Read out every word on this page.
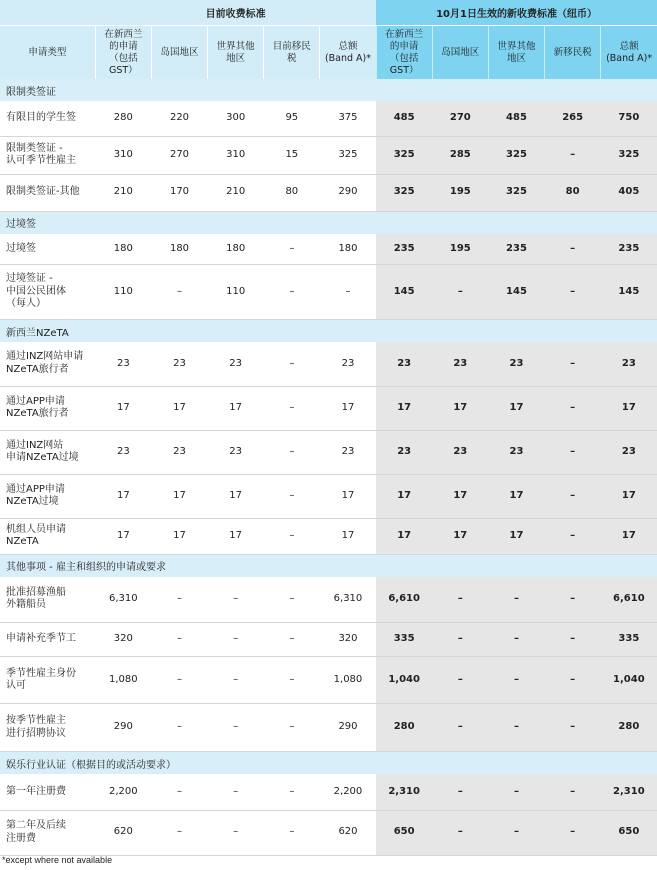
	目前收费标准					10月1日生效的新收费标准（纽币）				
申请类型	在新西兰
的申请
（包括GST）	岛国地区	世界其他
地区	目前移民税	总额
(Band A)*	在新西兰
的申请
（包括GST）	岛国地区	世界其他
地区	新移民税	总额
(Band A)*
限制类签证										
有限目的学生签	280	220	300	95	375	485	270	485	265	750
限制类签证 -
认可季节性雇主	310	270	310	15	325	325	285	325	–	325
限制类签证-其他	210	170	210	80	290	325	195	325	80	405
过境签										
过境签	180	180	180	–	180	235	195	235	–	235
过境签证 -
中国公民团体
（每人）	110	–	110	–	–	145	–	145	–	145
新西兰NZeTA										
通过INZ网站申请
NZeTA旅行者	23	23	23	–	23	23	23	23	–	23
通过APP申请
NZeTA旅行者	17	17	17	–	17	17	17	17	–	17
通过INZ网站
申请NZeTA过境	23	23	23	–	23	23	23	23	–	23
通过APP申请
NZeTA过境	17	17	17	–	17	17	17	17	–	17
机组人员申请
NZeTA	17	17	17	–	17	17	17	17	–	17
其他事项 - 雇主和组织的申请或要求										
批准招募渔船
外籍船员	6,310	–	–	–	6,310	6,610	–	–	–	6,610
申请补充季节工	320	–	–	–	320	335	–	–	–	335
季节性雇主身份
认可	1,080	–	–	–	1,080	1,040	–	–	–	1,040
按季节性雇主
进行招聘协议	290	–	–	–	290	280	–	–	–	280
娱乐行业认证（根据目的或活动要求）										
第一年注册费	2,200	–	–	–	2,200	2,310	–	–	–	2,310
第二年及后续
注册费	620	–	–	–	620	650	–	–	–	650
*except where not available
